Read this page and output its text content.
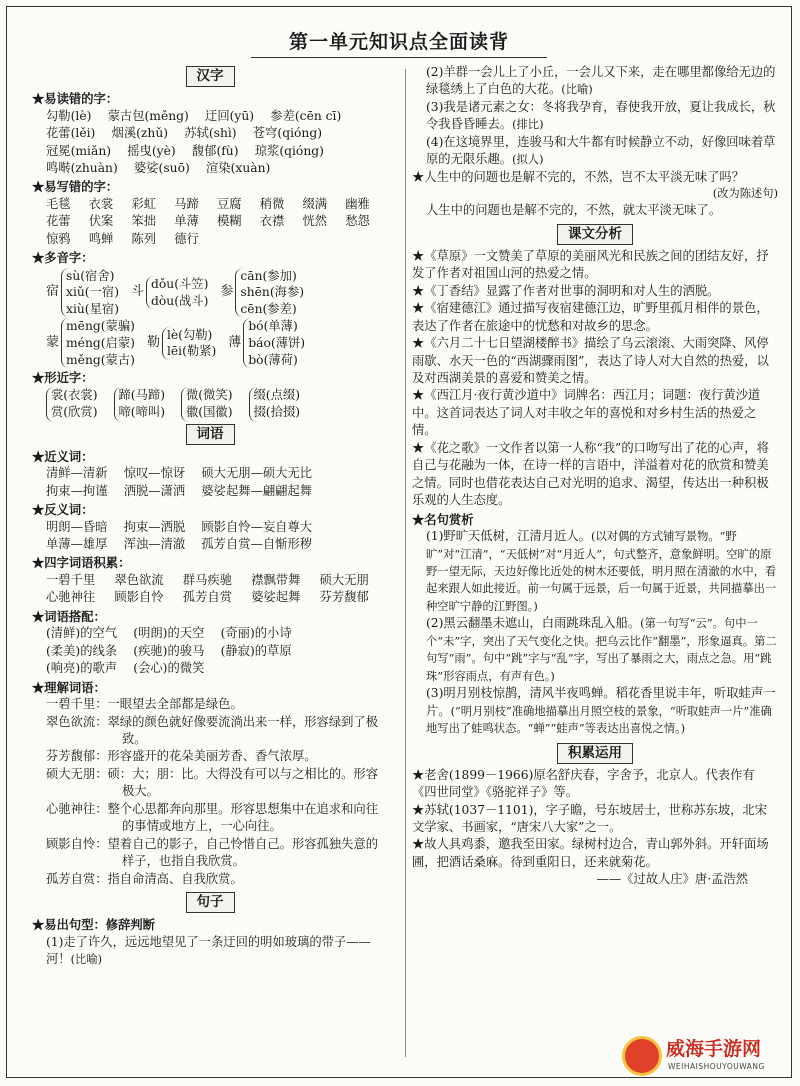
第一单元知识点全面读背
汉字
★易读错的字：
勾勒(lè)　 蒙古包(měng)　 迂回(yū)　 参差(cēn cī)
花蕾(lěi)　 烟溪(zhǔ)　 苏轼(shì)　 苍穹(qióng)
冠冕(miǎn)　 摇曳(yè)　 馥郁(fù)　 琼浆(qióng)
鸣啭(zhuàn)　 婆娑(suō)　 渲染(xuàn)
★易写错的字：
毛毯	衣裳	彩虹	马蹄	豆腐	稍微	缀满	幽雅
花蕾	伏案	笨拙	单薄	模糊	衣襟	恍然	愁怨
惊鸦	鸣蝉	陈列	德行
★多音字：
宿
sù(宿舍)
xiǔ(一宿)
xiù(星宿)
斗
dǒu(斗笠)
dòu(战斗)
参
cān(参加)
shēn(海参)
cēn(参差)
蒙
mēng(蒙骗)
méng(启蒙)
měng(蒙古)
勒
lè(勾勒)
lēi(勒紧)
薄
bó(单薄)
báo(薄饼)
bò(薄荷)
★形近字：
裳(衣裳)
赏(欣赏)
蹄(马蹄)
啼(啼叫)
微(微笑)
徽(国徽)
缀(点缀)
掇(拾掇)
词语
★近义词：
清鲜—清新　 惊叹—惊讶　 硕大无朋—硕大无比
拘束—拘谨　 洒脱—潇洒　 婆娑起舞—翩翩起舞
★反义词：
明朗—昏暗　 拘束—洒脱　 顾影自怜—妄自尊大
单薄—雄厚　 浑浊—清澈　 孤芳自赏—自惭形秽
★四字词语积累：
一碧千里	翠色欲流	群马疾驰	襟飘带舞	硕大无朋
心驰神往	顾影自怜	孤芳自赏	婆娑起舞	芬芳馥郁
★词语搭配：
(清鲜)的空气　 (明朗)的天空　 (奇丽)的小诗
(柔美)的线条　 (疾驰)的骏马　 (静寂)的草原
(响亮)的歌声　 (会心)的微笑
★理解词语：
一碧千里：一眼望去全部都是绿色。
翠色欲流：翠绿的颜色就好像要流淌出来一样，形容绿到了极致。
芬芳馥郁：形容盛开的花朵美丽芳香、香气浓厚。
硕大无朋：硕：大；朋：比。大得没有可以与之相比的。形容极大。
心驰神往：整个心思都奔向那里。形容思想集中在追求和向往的事情或地方上，一心向往。
顾影自怜：望着自己的影子，自己怜惜自己。形容孤独失意的样子，也指自我欣赏。
孤芳自赏：指自命清高、自我欣赏。
句子
★易出句型：修辞判断
(1)走了许久，远远地望见了一条迂回的明如玻璃的带子——河！(比喻)
(2)羊群一会儿上了小丘，一会儿又下来，走在哪里都像给无边的绿毯绣上了白色的大花。(比喻)
(3)我是诸元素之女：冬将我孕育，春使我开放，夏让我成长，秋令我昏昏睡去。(排比)
(4)在这境界里，连骏马和大牛都有时候静立不动，好像回味着草原的无限乐趣。(拟人)
★人生中的问题也是解不完的，不然，岂不太平淡无味了吗？
(改为陈述句)
人生中的问题也是解不完的，不然，就太平淡无味了。
课文分析
★《草原》一文赞美了草原的美丽风光和民族之间的团结友好，抒发了作者对祖国山河的热爱之情。
★《丁香结》显露了作者对世事的洞明和对人生的洒脱。
★《宿建德江》通过描写夜宿建德江边，旷野里孤月相伴的景色，表达了作者在旅途中的忧愁和对故乡的思念。
★《六月二十七日望湖楼醉书》描绘了乌云滚滚、大雨突降、风停雨歇、水天一色的“西湖骤雨图”，表达了诗人对大自然的热爱，以及对西湖美景的喜爱和赞美之情。
★《西江月·夜行黄沙道中》词牌名：西江月；词题：夜行黄沙道中。这首词表达了词人对丰收之年的喜悦和对乡村生活的热爱之情。
★《花之歌》一文作者以第一人称“我”的口吻写出了花的心声，将自己与花融为一体，在诗一样的言语中，洋溢着对花的欣赏和赞美之情。同时也借花表达自己对光明的追求、渴望，传达出一种积极乐观的人生态度。
★名句赏析
(1)野旷天低树，江清月近人。(以对偶的方式铺写景物。“野旷”对“江清”，“天低树”对“月近人”，句式整齐，意象鲜明。空旷的原野一望无际，天边好像比近处的树木还要低，明月照在清澈的水中，看起来跟人如此接近。前一句属于远景，后一句属于近景，共同描摹出一种空旷宁静的江野图。)
(2)黑云翻墨未遮山，白雨跳珠乱入船。(第一句写“云”。句中一个“未”字，突出了天气变化之快。把乌云比作“翻墨”，形象逼真。第二句写“雨”。句中“跳”字与“乱”字，写出了暴雨之大，雨点之急。用“跳珠”形容雨点，有声有色。)
(3)明月别枝惊鹊，清风半夜鸣蝉。稻花香里说丰年，听取蛙声一片。(“明月别枝”准确地描摹出月照空枝的景象，“听取蛙声一片”准确地写出了蛙鸣状态。“蝉”“蛙声”等表达出喜悦之情。)
积累运用
★老舍(1899－1966)原名舒庆春，字舍予，北京人。代表作有《四世同堂》《骆驼祥子》等。
★苏轼(1037－1101)，字子瞻，号东坡居士，世称苏东坡，北宋文学家、书画家，“唐宋八大家”之一。
★故人具鸡黍，邀我至田家。绿树村边合，青山郭外斜。开轩面场圃，把酒话桑麻。待到重阳日，还来就菊花。
——《过故人庄》唐·孟浩然
威海手游网
WEIHAISHOUYOUWANG
